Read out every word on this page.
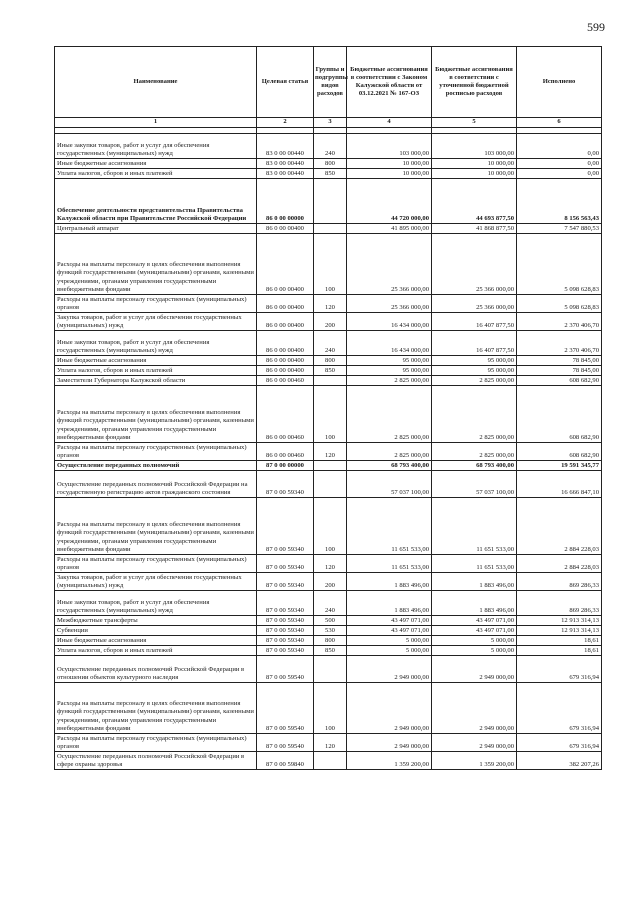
599
Наименование	Целевая статья	Группы и подгруппы видов расходов	Бюджетные ассигнования в соответствии с Законом Калужской области от 03.12.2021 № 167-ОЗ	Бюджетные ассигнования в соответствии с уточненной бюджетной росписью расходов	Исполнено
1	2	3	4	5	6

Иные закупки товаров, работ и услуг для обеспечения государственных (муниципальных) нужд	83 0 00 00440	240	103 000,00	103 000,00	0,00
Иные бюджетные ассигнования	83 0 00 00440	800	10 000,00	10 000,00	0,00
Уплата налогов, сборов и иных платежей	83 0 00 00440	850	10 000,00	10 000,00	0,00
Обеспечение деятельности представительства Правительства Калужской области при Правительстве Российской Федерации	86 0 00 00000		44 720 000,00	44 693 877,50	8 156 563,43
Центральный аппарат	86 0 00 00400		41 895 000,00	41 868 877,50	7 547 880,53
Расходы на выплаты персоналу в целях обеспечения выполнения функций государственными (муниципальными) органами, казенными учреждениями, органами управления государственными внебюджетными фондами	86 0 00 00400	100	25 366 000,00	25 366 000,00	5 098 628,83
Расходы на выплаты персоналу государственных (муниципальных) органов	86 0 00 00400	120	25 366 000,00	25 366 000,00	5 098 628,83
Закупка товаров, работ и услуг для обеспечения государственных (муниципальных) нужд	86 0 00 00400	200	16 434 000,00	16 407 877,50	2 370 406,70
Иные закупки товаров, работ и услуг для обеспечения государственных (муниципальных) нужд	86 0 00 00400	240	16 434 000,00	16 407 877,50	2 370 406,70
Иные бюджетные ассигнования	86 0 00 00400	800	95 000,00	95 000,00	78 845,00
Уплата налогов, сборов и иных платежей	86 0 00 00400	850	95 000,00	95 000,00	78 845,00
Заместители Губернатора Калужской области	86 0 00 00460		2 825 000,00	2 825 000,00	608 682,90
Расходы на выплаты персоналу в целях обеспечения выполнения функций государственными (муниципальными) органами, казенными учреждениями, органами управления государственными внебюджетными фондами	86 0 00 00460	100	2 825 000,00	2 825 000,00	608 682,90
Расходы на выплаты персоналу государственных (муниципальных) органов	86 0 00 00460	120	2 825 000,00	2 825 000,00	608 682,90
Осуществление переданных полномочий	87 0 00 00000		68 793 400,00	68 793 400,00	19 591 345,77
Осуществление переданных полномочий Российской Федерации на государственную регистрацию актов гражданского состояния	87 0 00 59340		57 037 100,00	57 037 100,00	16 666 847,10
Расходы на выплаты персоналу в целях обеспечения выполнения функций государственными (муниципальными) органами, казенными учреждениями, органами управления государственными внебюджетными фондами	87 0 00 59340	100	11 651 533,00	11 651 533,00	2 884 228,03
Расходы на выплаты персоналу государственных (муниципальных) органов	87 0 00 59340	120	11 651 533,00	11 651 533,00	2 884 228,03
Закупка товаров, работ и услуг для обеспечения государственных (муниципальных) нужд	87 0 00 59340	200	1 883 496,00	1 883 496,00	869 286,33
Иные закупки товаров, работ и услуг для обеспечения государственных (муниципальных) нужд	87 0 00 59340	240	1 883 496,00	1 883 496,00	869 286,33
Межбюджетные трансферты	87 0 00 59340	500	43 497 071,00	43 497 071,00	12 913 314,13
Субвенции	87 0 00 59340	530	43 497 071,00	43 497 071,00	12 913 314,13
Иные бюджетные ассигнования	87 0 00 59340	800	5 000,00	5 000,00	18,61
Уплата налогов, сборов и иных платежей	87 0 00 59340	850	5 000,00	5 000,00	18,61
Осуществление переданных полномочий Российской Федерации в отношении объектов культурного наследия	87 0 00 59540		2 949 000,00	2 949 000,00	679 316,94
Расходы на выплаты персоналу в целях обеспечения выполнения функций государственными (муниципальными) органами, казенными учреждениями, органами управления государственными внебюджетными фондами	87 0 00 59540	100	2 949 000,00	2 949 000,00	679 316,94
Расходы на выплаты персоналу государственных (муниципальных) органов	87 0 00 59540	120	2 949 000,00	2 949 000,00	679 316,94
Осуществление переданных полномочий Российской Федерации в сфере охраны здоровья	87 0 00 59840		1 359 200,00	1 359 200,00	382 207,26
